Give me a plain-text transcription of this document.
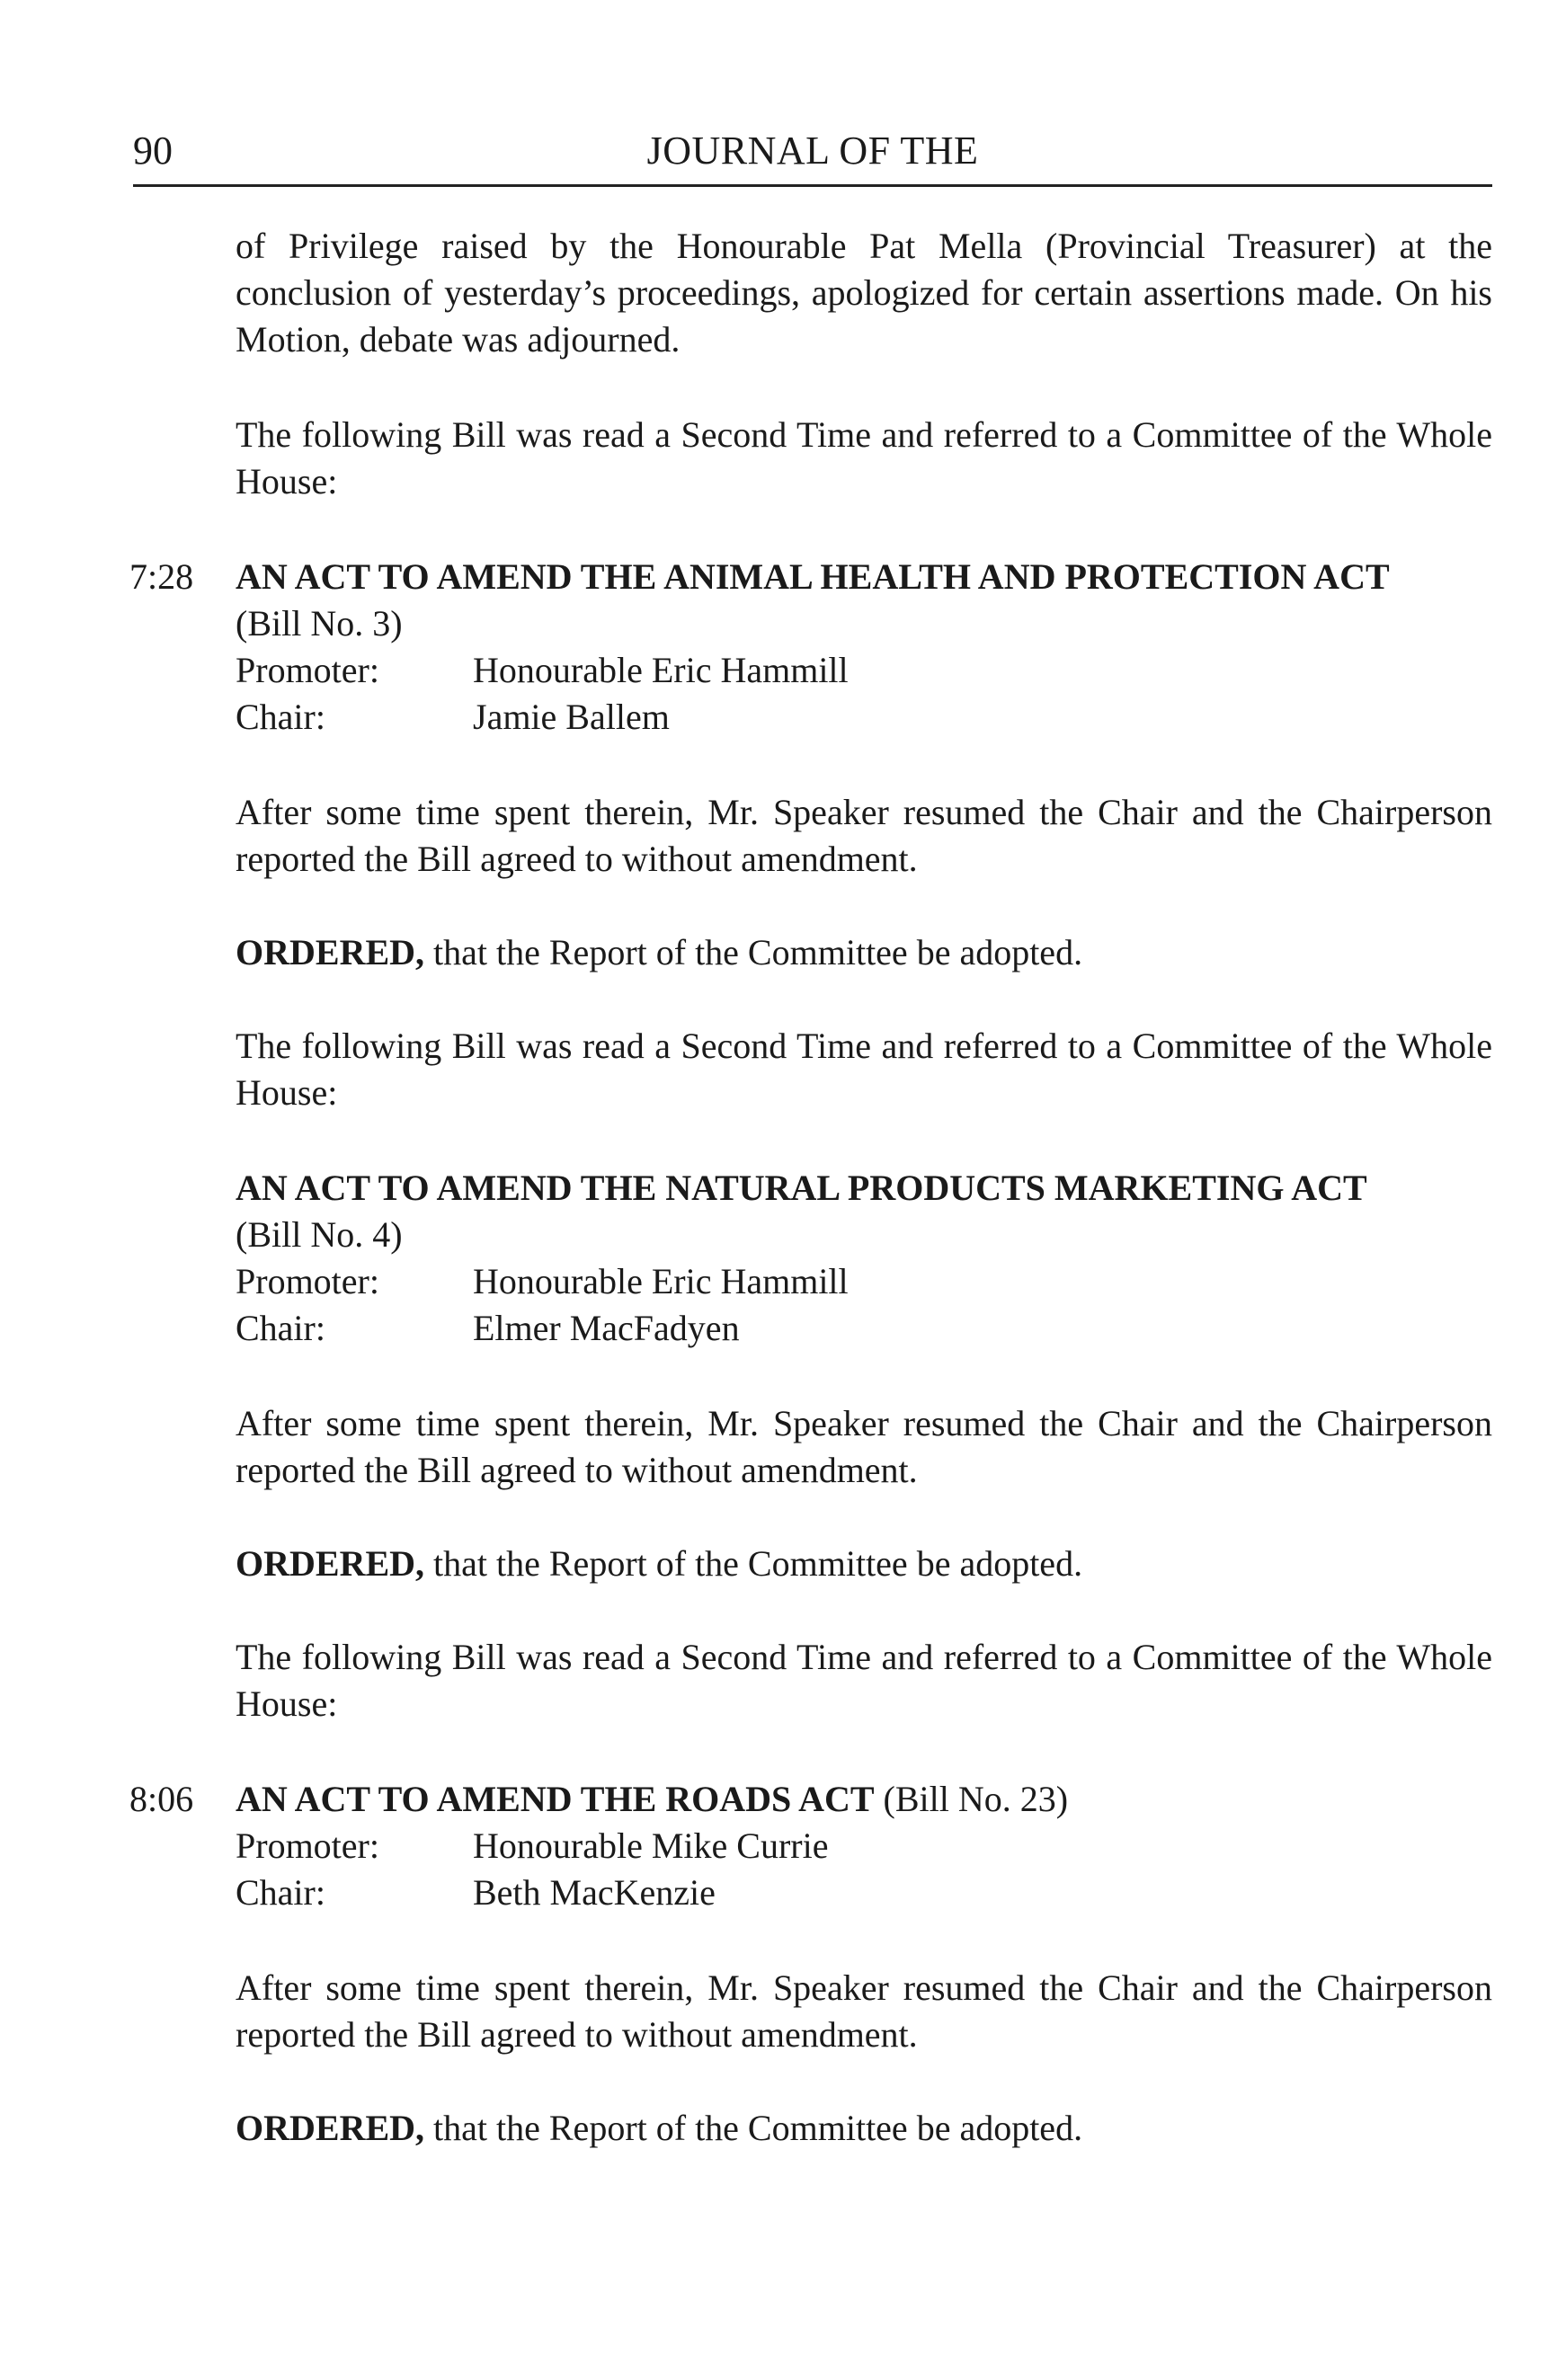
90	JOURNAL OF THE

of Privilege raised by the Honourable Pat Mella (Provincial Treasurer) at the conclusion of yesterday’s proceedings, apologized for certain assertions made. On his Motion, debate was adjourned.

The following Bill was read a Second Time and referred to a Committee of the Whole House:

7:28 AN ACT TO AMEND THE ANIMAL HEALTH AND PROTECTION ACT
(Bill No. 3)
Promoter:	Honourable Eric Hammill
Chair:	Jamie Ballem

After some time spent therein, Mr. Speaker resumed the Chair and the Chairperson reported the Bill agreed to without amendment.

ORDERED, that the Report of the Committee be adopted.

The following Bill was read a Second Time and referred to a Committee of the Whole House:

AN ACT TO AMEND THE NATURAL PRODUCTS MARKETING ACT
(Bill No. 4)
Promoter:	Honourable Eric Hammill
Chair:	Elmer MacFadyen

After some time spent therein, Mr. Speaker resumed the Chair and the Chairperson reported the Bill agreed to without amendment.

ORDERED, that the Report of the Committee be adopted.

The following Bill was read a Second Time and referred to a Committee of the Whole House:

8:06 AN ACT TO AMEND THE ROADS ACT (Bill No. 23)
Promoter:	Honourable Mike Currie
Chair:	Beth MacKenzie

After some time spent therein, Mr. Speaker resumed the Chair and the Chairperson reported the Bill agreed to without amendment.

ORDERED, that the Report of the Committee be adopted.
